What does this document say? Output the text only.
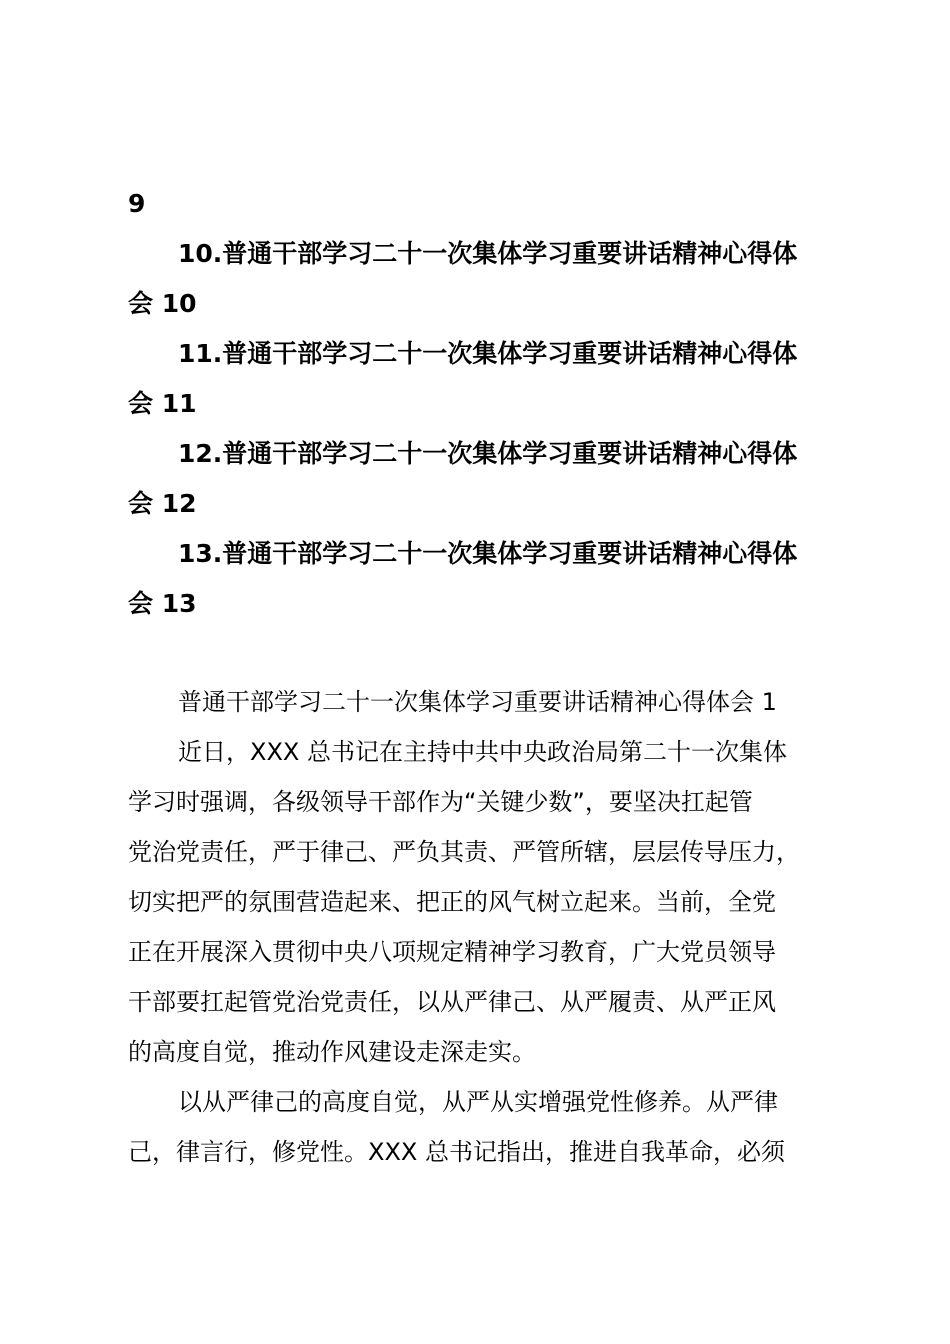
9
10.普通干部学习二十一次集体学习重要讲话精神心得体
会 10
11.普通干部学习二十一次集体学习重要讲话精神心得体
会 11
12.普通干部学习二十一次集体学习重要讲话精神心得体
会 12
13.普通干部学习二十一次集体学习重要讲话精神心得体
会 13

普通干部学习二十一次集体学习重要讲话精神心得体会 1

近日，XXX 总书记在主持中共中央政治局第二十一次集体
学习时强调，各级领导干部作为“关键少数”，要坚决扛起管
党治党责任，严于律己、严负其责、严管所辖，层层传导压力，
切实把严的氛围营造起来、把正的风气树立起来。当前，全党
正在开展深入贯彻中央八项规定精神学习教育，广大党员领导
干部要扛起管党治党责任，以从严律己、从严履责、从严正风
的高度自觉，推动作风建设走深走实。
以从严律己的高度自觉，从严从实增强党性修养。从严律
己，律言行，修党性。XXX 总书记指出，推进自我革命，必须
